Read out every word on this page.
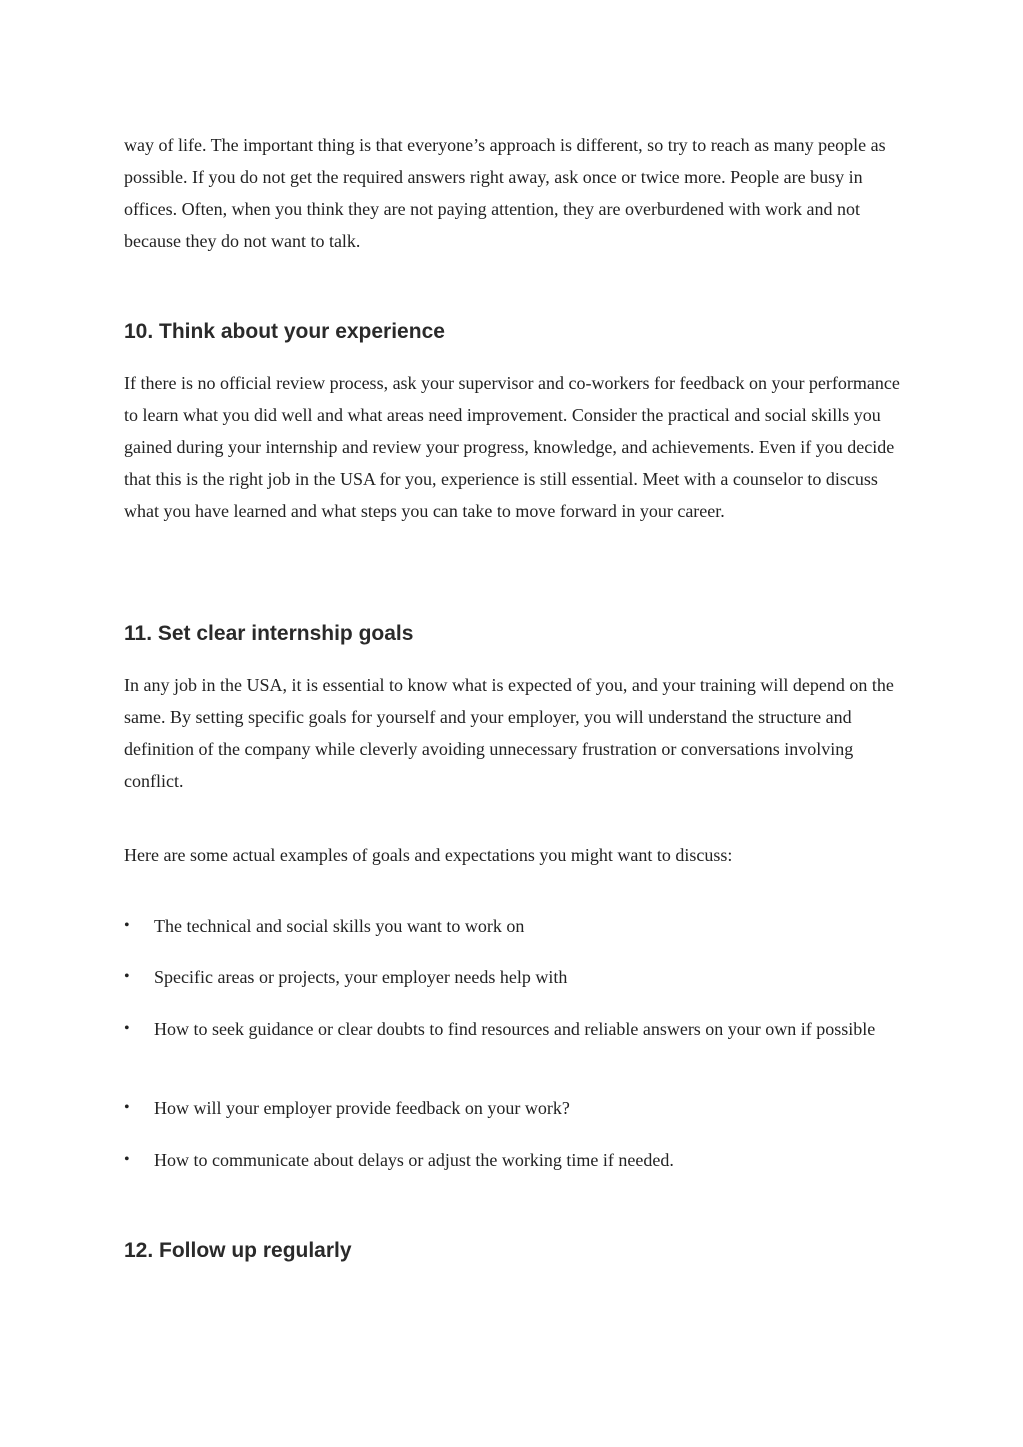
way of life. The important thing is that everyone’s approach is different, so try to reach as many people as possible. If you do not get the required answers right away, ask once or twice more. People are busy in offices. Often, when you think they are not paying attention, they are overburdened with work and not because they do not want to talk.

10. Think about your experience

If there is no official review process, ask your supervisor and co-workers for feedback on your performance to learn what you did well and what areas need improvement. Consider the practical and social skills you gained during your internship and review your progress, knowledge, and achievements. Even if you decide that this is the right job in the USA for you, experience is still essential. Meet with a counselor to discuss what you have learned and what steps you can take to move forward in your career.

11. Set clear internship goals

In any job in the USA, it is essential to know what is expected of you, and your training will depend on the same. By setting specific goals for yourself and your employer, you will understand the structure and definition of the company while cleverly avoiding unnecessary frustration or conversations involving conflict.

Here are some actual examples of goals and expectations you might want to discuss:

• The technical and social skills you want to work on
• Specific areas or projects, your employer needs help with
• How to seek guidance or clear doubts to find resources and reliable answers on your own if possible
• How will your employer provide feedback on your work?
• How to communicate about delays or adjust the working time if needed.
12. Follow up regularly
